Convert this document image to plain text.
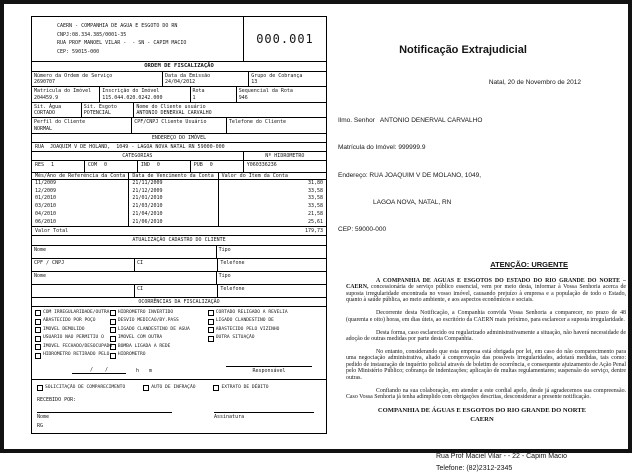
CAERN - COMPANHIA DE AGUA E ESGOTO DO RN
CNPJ:08.334.385/0001-35
RUA PROF MANOEL VILAR -  - SN - CAPIM MACIO
CEP: 59015-000
000.001
ORDEM DE FISCALIZAÇÃO
Número da Ordem de Serviço
2690707
Data da Emissão
24/04/2012
Grupo de Cobrança
13
Matrícula do Imóvel
204459.9
Inscrição do Imóvel
115.044.020.0242.000
Rota
1
Sequencial da Rota
946
Sit. Água
CORTADO
Sit. Esgoto
POTENCIAL
Nome do Cliente usuário
ANTONIO DENERVAL CARVALHO
Perfil do Cliente
NORMAL
CPF/CNPJ Cliente Usuário	Telefone do Cliente
ENDEREÇO DO IMÓVEL
RUA  JOAQUIM V DE HOLAND,  1049 - LAGOA NOVA NATAL RN 59000-000
CATEGORIAS
RES 1	COM 0	IND 0	PUB 0
Nº HIDROMETRO
Y060336236
Mês/Ano de Referência da Conta	Data de Vencimento da Conta	Valor do Item da Conta
11/2009	21/11/2009	31,80
12/2009	21/12/2009	33,58
01/2010	21/01/2010	33,58
03/2010	21/03/2010	33,58
04/2010	21/04/2010	21,58
06/2010	21/06/2010	25,61
Valor Total	179,73
ATUALIZAÇÃO CADASTRO DO CLIENTE
Nome	Tipo
CPF / CNPJ	CI	Telefone
Nome	Tipo
CI	Telefone
OCORRÊNCIAS DA FISCALIZAÇÃO
COM IRREGULARIDADE/OUTRA
ABASTECIDO POR POÇO
IMOVEL DEMOLIDO
USUARIO NAO PERMITIU O
IMOVEL FECHADO/DESOCUPADO
HIDROMETRO RETIRADO PELO
HIDROMETRO INVERTIDO
DESVIO MEDICAO/BY.PASS
LIGADO CLANDESTINO DE AGUA
IMOVEL COM OUTRA
BOMBA LIGADA A REDE
HIDROMETRO
CORTADO RELIGADO A REVELIA
LIGADO CLANDESTINO DE
ABASTECIDO PELO VIZINHO
OUTRA SITUAÇÃO
/    /	h m	Responsável
SOLICITAÇÃO DE COMPARECIMENTO	AUTO DE INFRAÇÃO	EXTRATO DE DÉBITO
RECEBIDO POR:
Nome
RG
Assinatura
Notificação Extrajudicial
Natal, 20 de Novembro de 2012

Ilmo. Senhor   ANTONIO DENERVAL CARVALHO

Matrícula do Imóvel: 999999.9

Endereço: RUA JOAQUIM V DE MOLANO, 1049,

LAGOA NOVA, NATAL, RN

CEP: 59000-000

ATENÇÃO: URGENTE

A COMPANHIA DE AGUAS E ESGOTOS DO ESTADO DO RIO GRANDE DO NORTE – CAERN, concessionária de serviço público essencial, vem por meio desta, informar à Vossa Senhoria acerca de suposta irregularidade encontrada no vosso imóvel, causando prejuízo à empresa e a população de todo o Estado, quanto à saúde pública, ao meio ambiente, e aos aspectos econômicos e sociais.

Decorrente desta Notificação, a Companhia convida Vossa Senhoria a comparecer, no prazo de 48 (quarenta e oito) horas, em dias úteis, ao escritório da CAERN mais próximo, para esclarecer a suposta irregularidade.

Desta forma, caso esclarecido ou regularizado administrativamente a situação, não haverá necessidade de adoção de outras medidas por parte desta Companhia.

No entanto, considerando que esta empresa está obrigada por lei, em caso do não comparecimento para uma negociação administrativa, aliado à comprovação das possíveis irregularidades, adotará medidas, tais como: pedido de instauração de inquérito policial através de boletim de ocorrência, e consequente ajuizamento de Ação Penal pelo Ministério Público; cobrança de indenizações; aplicação de multas regulamentares; suspensão do serviço, dentre outras.

Confiando na sua colaboração, em atender a este cordial apelo, desde já agradecemos sua compreensão. Caso Vossa Senhoria já tenha adimplido com obrigações descritas, desconsiderar a presente notificação.

COMPANHIA DE ÁGUAS E ESGOTOS DO RIO GRANDE DO NORTE
CAERN
Rua Prof Maciel Vilar - - 22 - Capim Macio
Telefone: (82)2312-2345
